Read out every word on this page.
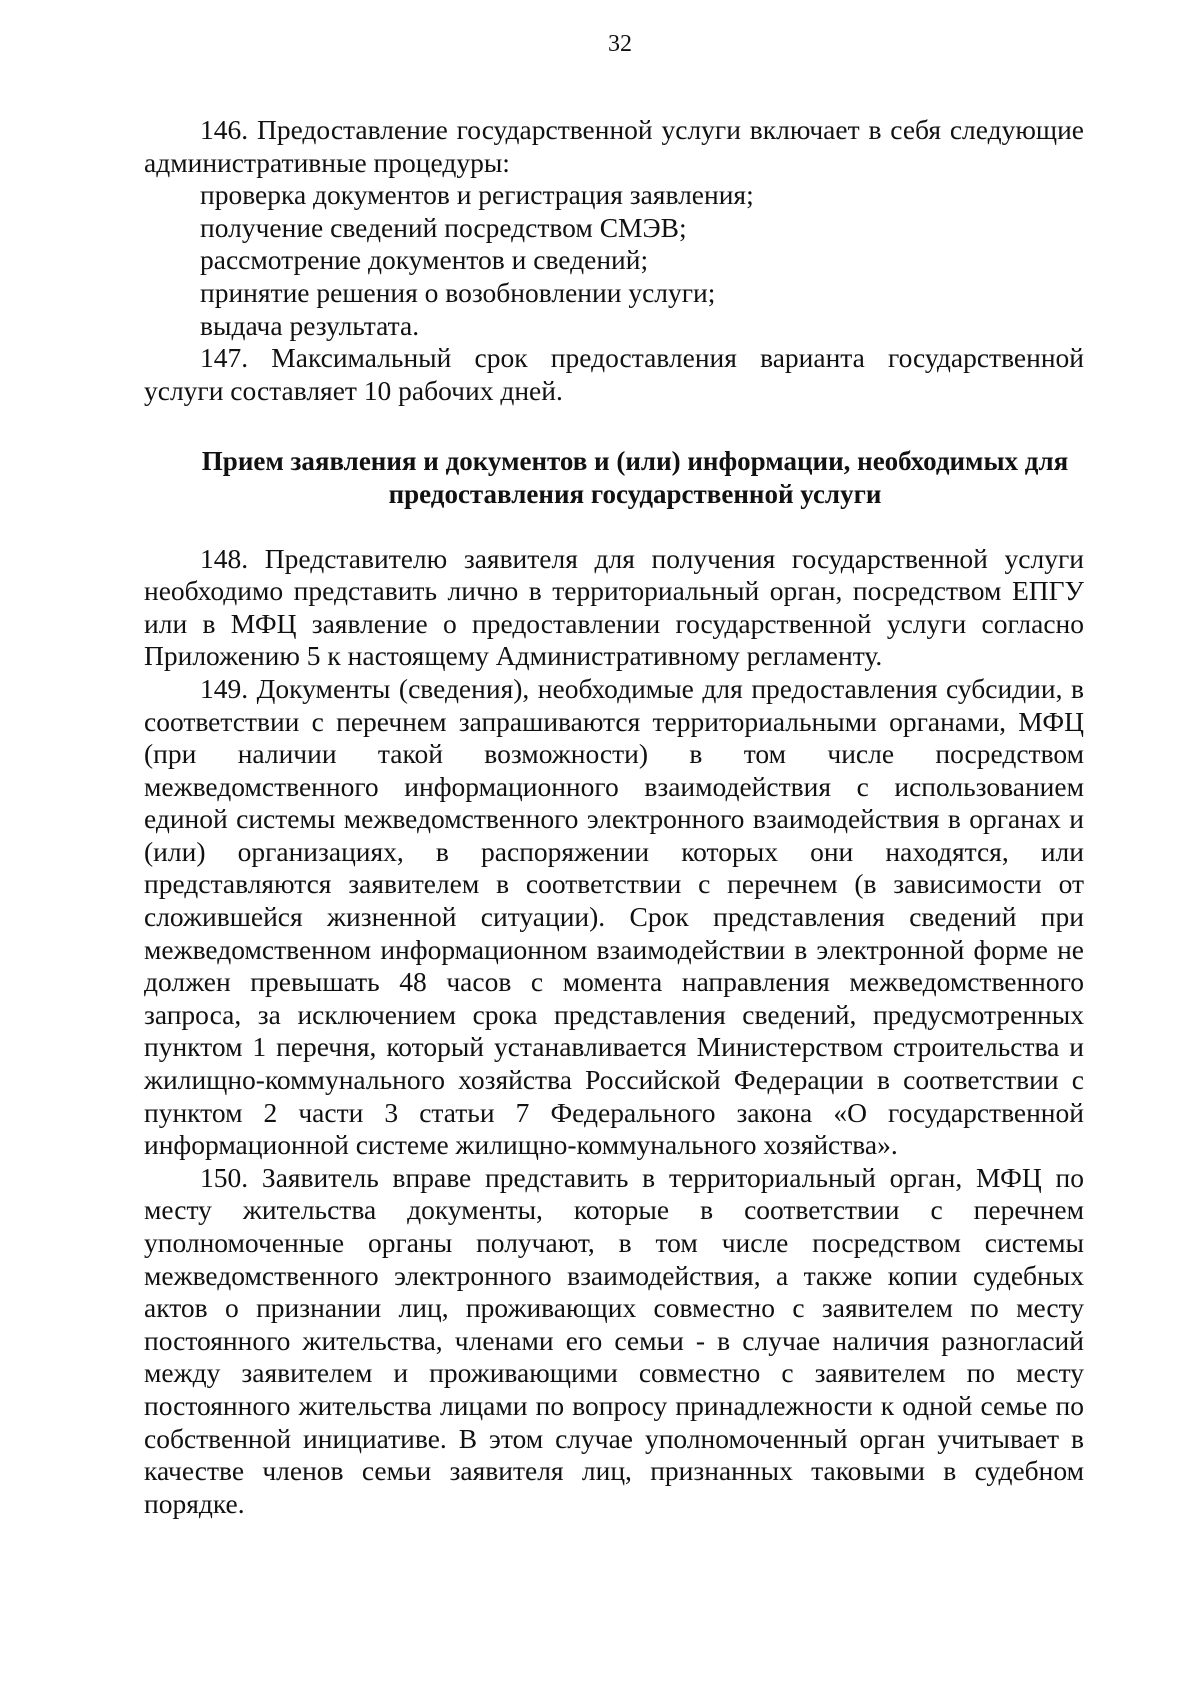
32

146. Предоставление государственной услуги включает в себя следующие административные процедуры:

проверка документов и регистрация заявления;

получение сведений посредством СМЭВ;

рассмотрение документов и сведений;

принятие решения о возобновлении услуги;

выдача результата.

147. Максимальный срок предоставления варианта государственной услуги составляет 10 рабочих дней.

Прием заявления и документов и (или) информации, необходимых для предоставления государственной услуги

148. Представителю заявителя для получения государственной услуги необходимо представить лично в территориальный орган, посредством ЕПГУ или в МФЦ заявление о предоставлении государственной услуги согласно Приложению 5 к настоящему Административному регламенту.

149. Документы (сведения), необходимые для предоставления субсидии, в соответствии с перечнем запрашиваются территориальными органами, МФЦ (при наличии такой возможности) в том числе посредством межведомственного информационного взаимодействия с использованием единой системы межведомственного электронного взаимодействия в органах и (или) организациях, в распоряжении которых они находятся, или представляются заявителем в соответствии с перечнем (в зависимости от сложившейся жизненной ситуации). Срок представления сведений при межведомственном информационном взаимодействии в электронной форме не должен превышать 48 часов с момента направления межведомственного запроса, за исключением срока представления сведений, предусмотренных пунктом 1 перечня, который устанавливается Министерством строительства и жилищно-коммунального хозяйства Российской Федерации в соответствии с пунктом 2 части 3 статьи 7 Федерального закона «О государственной информационной системе жилищно-коммунального хозяйства».

150. Заявитель вправе представить в территориальный орган, МФЦ по месту жительства документы, которые в соответствии с перечнем уполномоченные органы получают, в том числе посредством системы межведомственного электронного взаимодействия, а также копии судебных актов о признании лиц, проживающих совместно с заявителем по месту постоянного жительства, членами его семьи - в случае наличия разногласий между заявителем и проживающими совместно с заявителем по месту постоянного жительства лицами по вопросу принадлежности к одной семье по собственной инициативе. В этом случае уполномоченный орган учитывает в качестве членов семьи заявителя лиц, признанных таковыми в судебном порядке.
